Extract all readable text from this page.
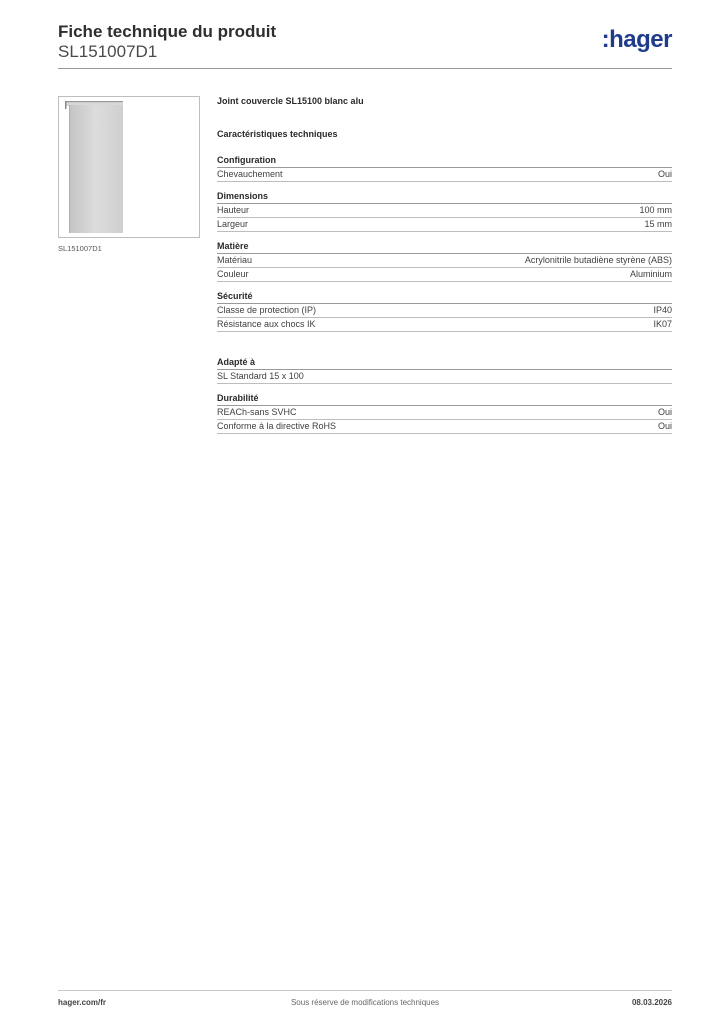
Fiche technique du produit
SL151007D1	:hager
SL151007D1
Joint couvercle SL15100 blanc alu
Caractéristiques techniques
Configuration
Chevauchement	Oui
Dimensions
Hauteur	100 mm
Largeur	15 mm
Matière
Matériau	Acrylonitrile butadiène styrène (ABS)
Couleur	Aluminium
Sécurité
Classe de protection (IP)	IP40
Résistance aux chocs IK	IK07
Adapté à
SL Standard 15 x 100
Durabilité
REACh-sans SVHC	Oui
Conforme à la directive RoHS	Oui
hager.com/fr	Sous réserve de modifications techniques	08.03.2026
